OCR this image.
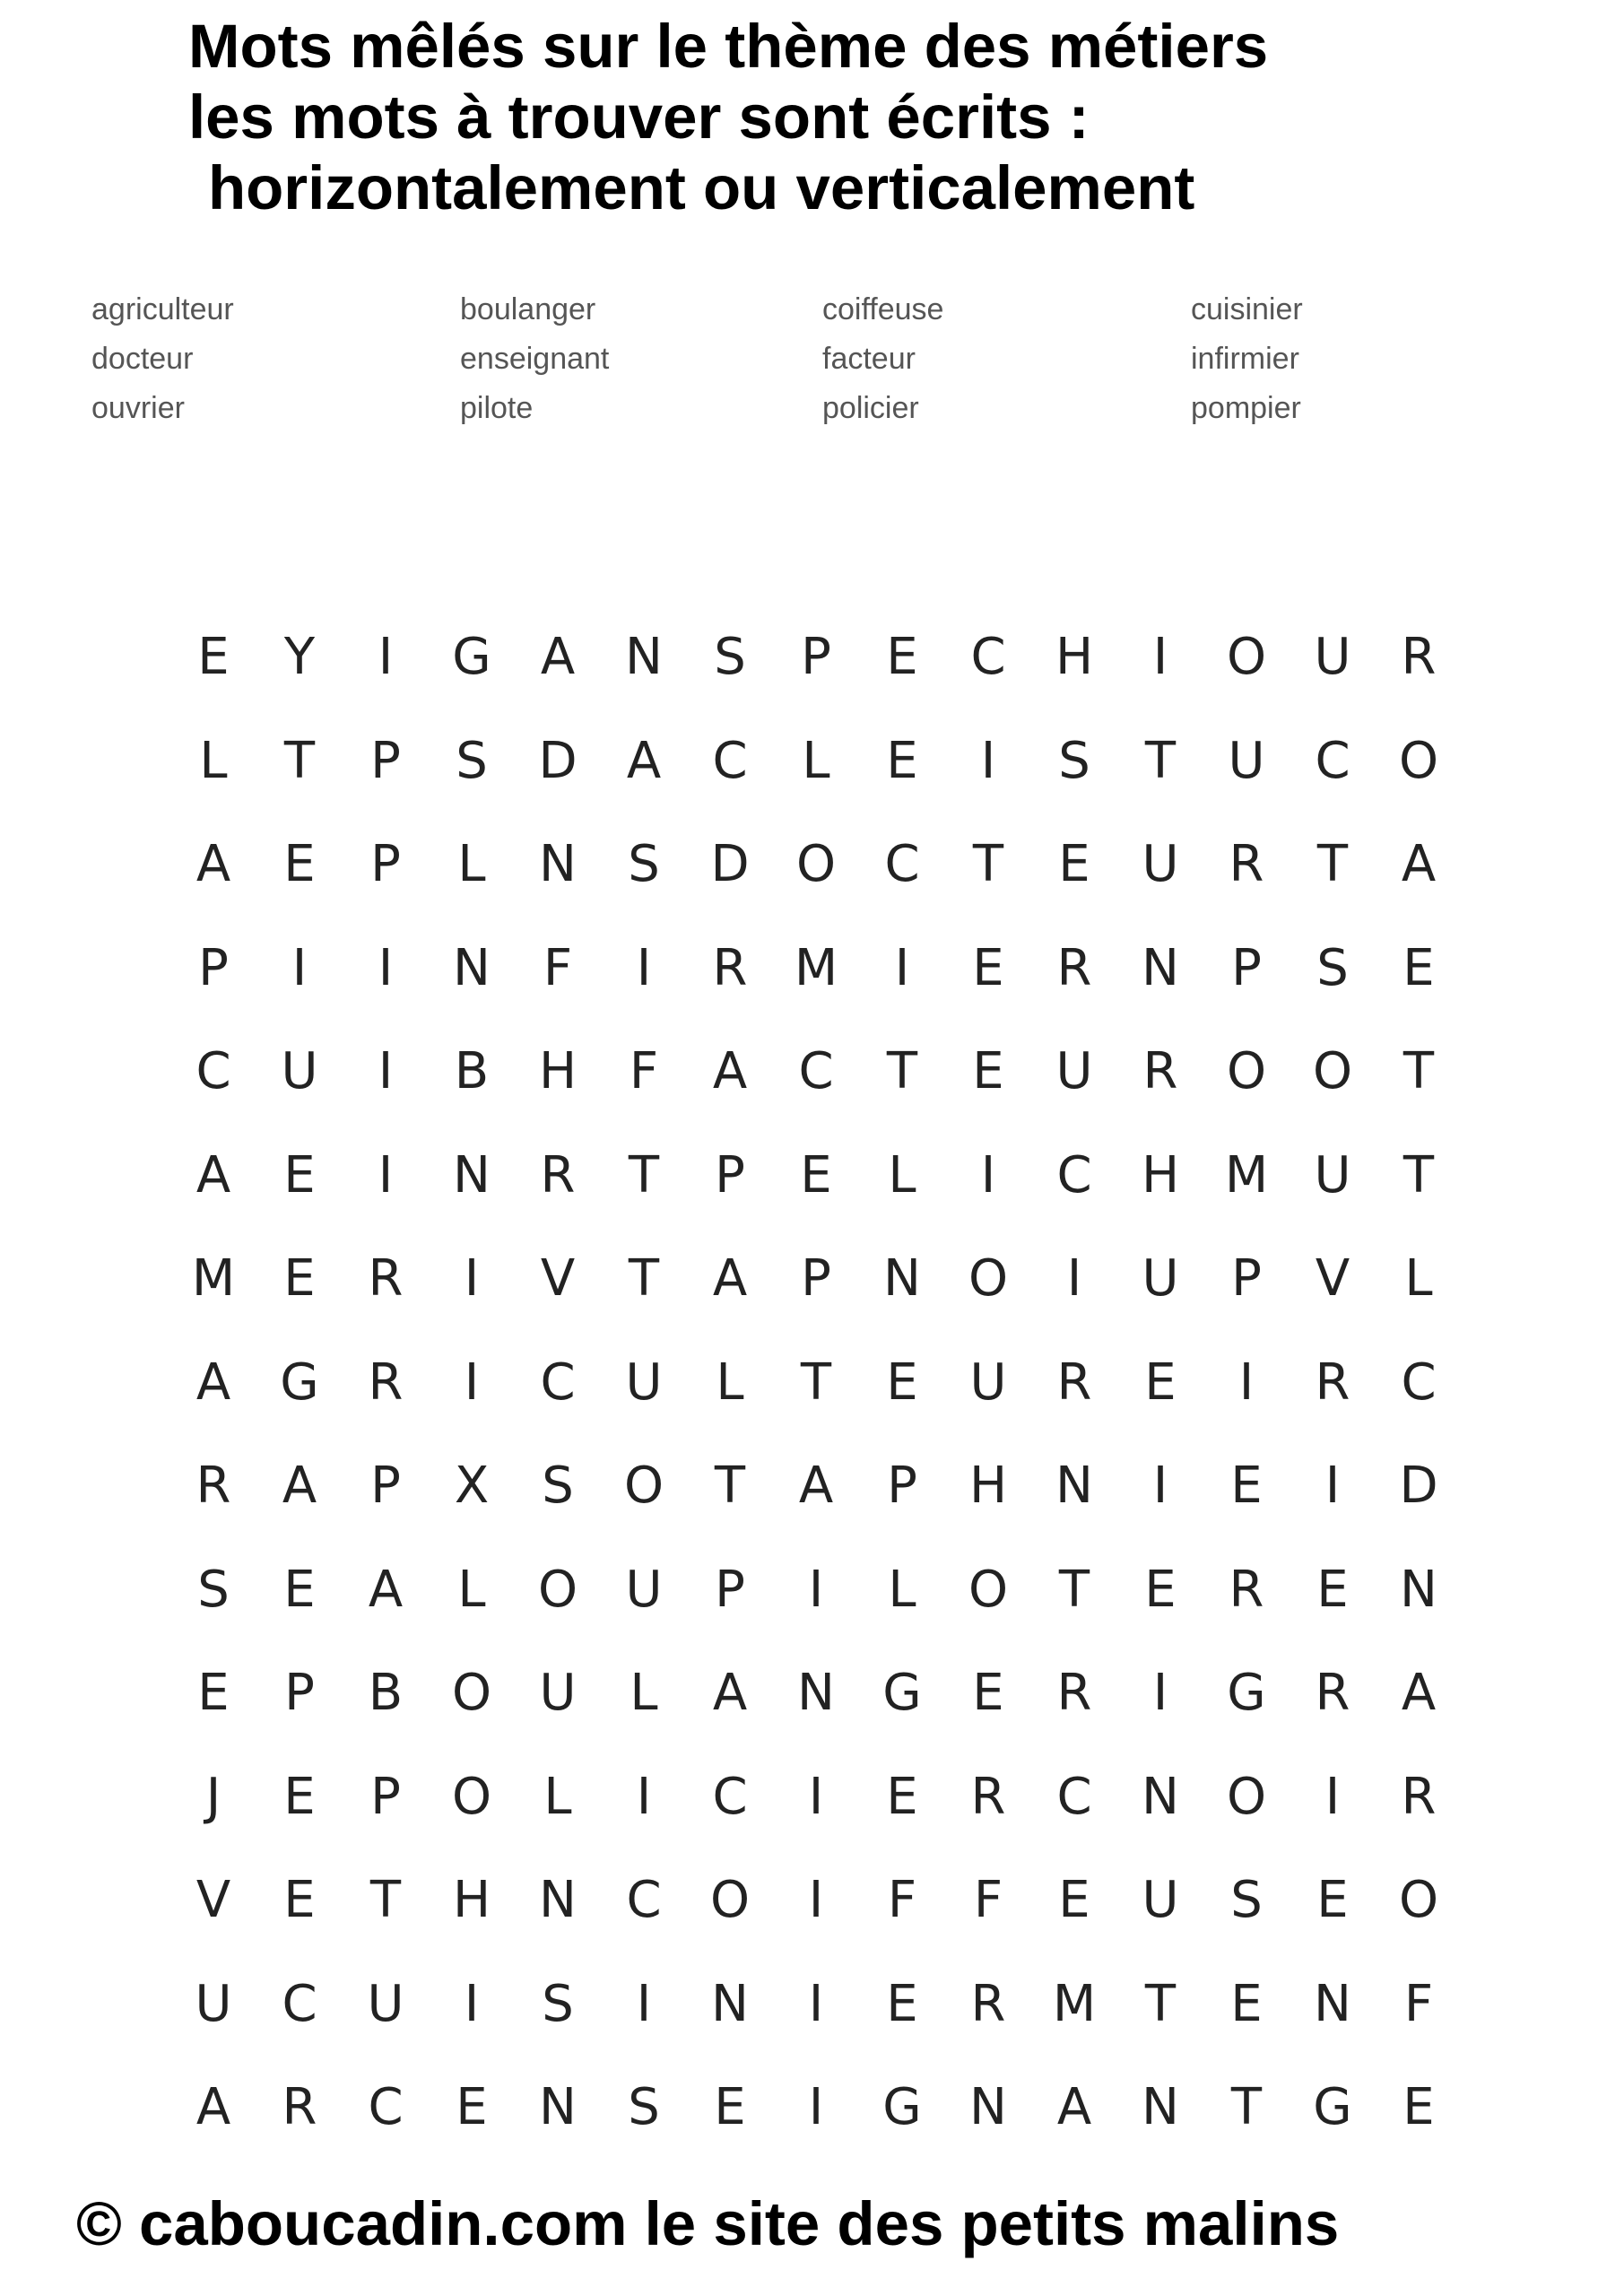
Mots mêlés sur le thème des métiers
les mots à trouver sont écrits :
horizontalement ou verticalement
agriculteur	boulanger	coiffeuse	cuisinier
docteur	enseignant	facteur	infirmier
ouvrier	pilote	policier	pompier
E	Y	I	G A N	S	P	E	C H	I	O U	R
L	T	P	S	D A	C	L	E	I	S	T	U C O
A	E	P	L	N	S	D O C	T	E	U	R	T	A
P	I	I	N	F	I	R M	I	E	R N	P	S	E
C U	I	B H	F	A	C	T	E	U	R O O	T
A	E	I	N R	T	P	E	L	I	C H M U	T
M E	R	I	V	T	A	P	N O	I	U	P	V	L
A G R	I	C U	L	T	E	U	R	E	I	R	C
R	A	P	X	S	O	T	A	P	H N	I	E	I	D
S	E	A	L	O U	P	I	L	O	T	E	R	E	N
E	P	B O U	L	A N G	E	R	I	G R	A
J	E	P	O	L	I	C	I	E	R	C N O	I	R
V	E	T	H N C O	I	F	F	E	U	S	E	O
U C U	I	S	I	N	I	E	R M T	E	N	F
A	R	C	E	N	S	E	I	G N A N	T	G	E

© caboucadin.com le site des petits malins
